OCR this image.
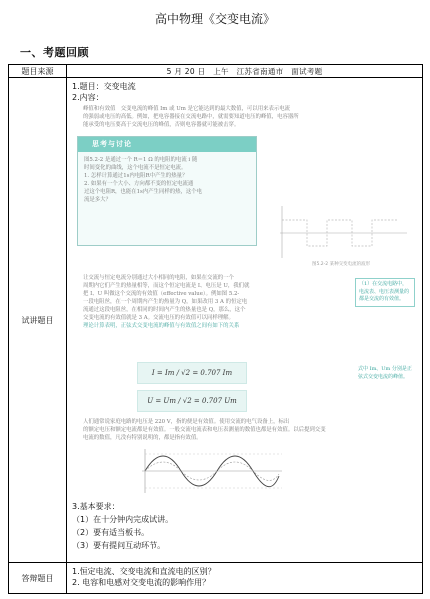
高中物理《交变电流》
一、考题回顾
题目来源	5 月 20 日　上午　江苏省南通市　面试考题
试讲题目
1.题目：交变电流
2.内容：
峰值和有效值　交变电流的峰值 Im 或 Um 是它能达到的最大数值，可以用来表示电流
的强弱或电压的高低。例如，把电容器接在交流电路中，就需要知道电压的峰值，电容器所
能承受的电压要高于交流电压的峰值，否则电容器就可能被击穿。
思考与讨论
图5.2-2 是通过一个 R＝1 Ω 的电阻的电流 i 随
时间变化的曲线，这个电流不是恒定电流。
1. 怎样计算通过1s内电阻R中产生的热量？
2. 如果有一个大小、方向都不变的恒定电流通
过这个电阻R，也能在1s内产生同样的热，这个电
流是多大？
图5.2-2 某种交变电流的波形
让交流与恒定电流分别通过大小相同的电阻，如果在交流的一个
周期内它们产生的热量相等，而这个恒定电流是 I、电压是 U，我们就
把 I、U 叫做这个交流的有效值（effective value）。例如图 5.2-
一段电阻丝，在一个周期内产生的热量为 Q，如果改用 3 A 的恒定电
流通过这段电阻丝，在相同的时间内产生的热量也是 Q，那么，这个
交变电流的有效值就是 3 A。交流电压的有效值可以同样理解。
理论计算表明，正弦式交变电流的峰值与有效值之间有如下的关系
（1）在交流电路中，电流表、电压表测量的都是交流的有效值。
I = Im / √2 = 0.707 Im
U = Um / √2 = 0.707 Um
式中 Im、Um 分别是正弦式交变电流的峰值。
人们通常说家庭电路的电压是 220 V，指的便是有效值。使用交流的电气设备上，标出
的额定电压和额定电流都是有效值。一般交流电流表和电压表测量的数值也都是有效值。以后提到交变
电流的数值，凡没有特别说明的，都是指有效值。
3.基本要求：
（1）在十分钟内完成试讲。
（2）要有适当板书。
（3）要有提问互动环节。
答辩题目
1.恒定电流、交变电流和直流电的区别？
2. 电容和电感对交变电流的影响作用？
